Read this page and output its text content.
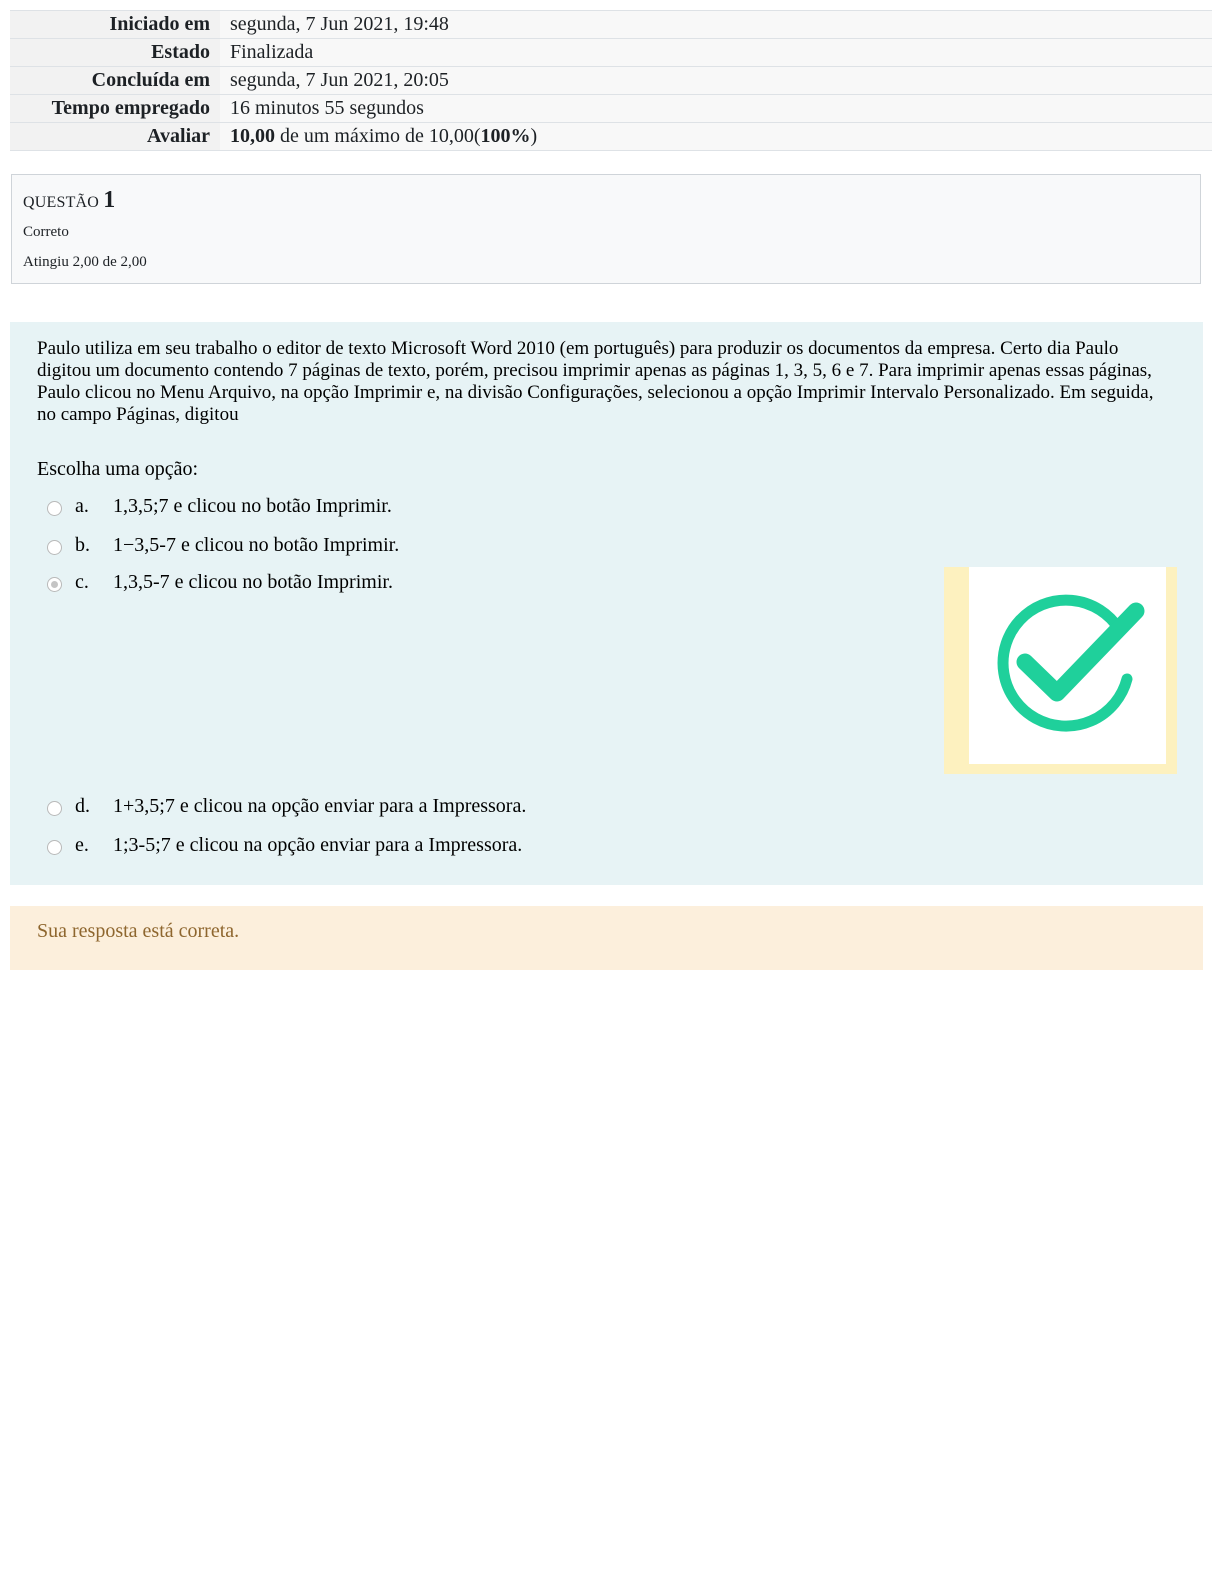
Iniciado em	segunda, 7 Jun 2021, 19:48
Estado	Finalizada
Concluída em	segunda, 7 Jun 2021, 20:05
Tempo empregado	16 minutos 55 segundos
Avaliar	10,00 de um máximo de 10,00(100%)
QUESTÃO 1
Correto
Atingiu 2,00 de 2,00
Paulo utiliza em seu trabalho o editor de texto Microsoft Word 2010 (em português) para produzir os documentos da empresa. Certo dia Paulo digitou um documento contendo 7 páginas de texto, porém, precisou imprimir apenas as páginas 1, 3, 5, 6 e 7. Para imprimir apenas essas páginas, Paulo clicou no Menu Arquivo, na opção Imprimir e, na divisão Configurações, selecionou a opção Imprimir Intervalo Personalizado. Em seguida, no campo Páginas, digitou
Escolha uma opção:
a.	1,3,5;7 e clicou no botão Imprimir.
b.	1−3,5-7 e clicou no botão Imprimir.
c.	1,3,5-7 e clicou no botão Imprimir.
d.	1+3,5;7 e clicou na opção enviar para a Impressora.
e.	1;3-5;7 e clicou na opção enviar para a Impressora.
Sua resposta está correta.
